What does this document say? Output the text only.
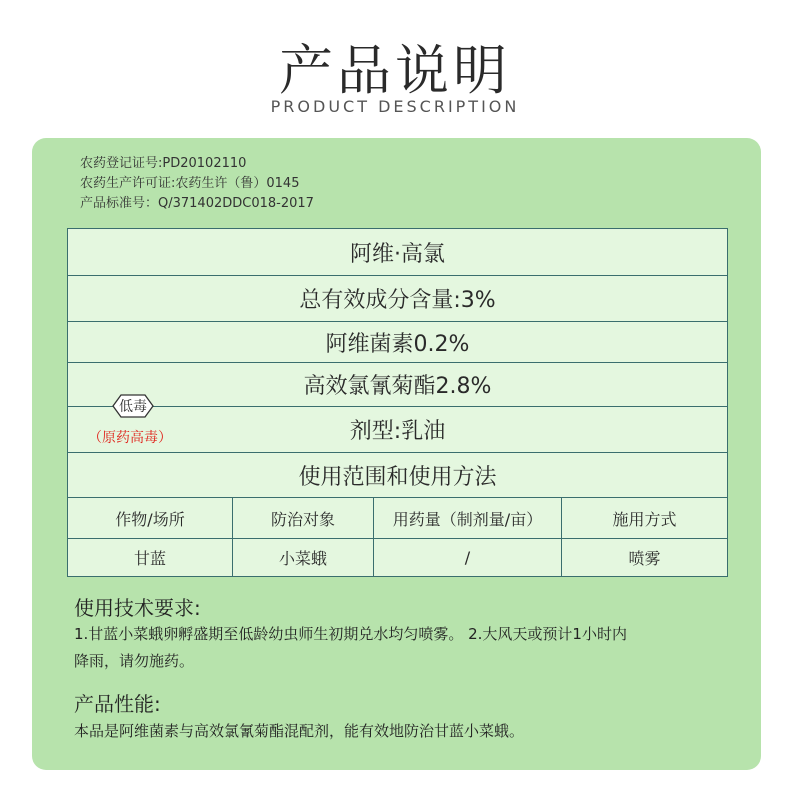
产品说明
PRODUCT DESCRIPTION
农药登记证号:PD20102110
农药生产许可证:农药生许（鲁）0145
产品标准号：Q/371402DDC018-2017
阿维·高氯
总有效成分含量:3%
阿维菌素0.2%
高效氯氰菊酯2.8%
剂型:乳油
使用范围和使用方法
作物/场所	防治对象	用药量（制剂量/亩）	施用方式
甘蓝	小菜蛾	/	喷雾
低毒
（原药高毒）
使用技术要求:
1.甘蓝小菜蛾卵孵盛期至低龄幼虫师生初期兑水均匀喷雾。 2.大风天或预计1小时内
降雨，请勿施药。
产品性能:
本品是阿维菌素与高效氯氰菊酯混配剂，能有效地防治甘蓝小菜蛾。
